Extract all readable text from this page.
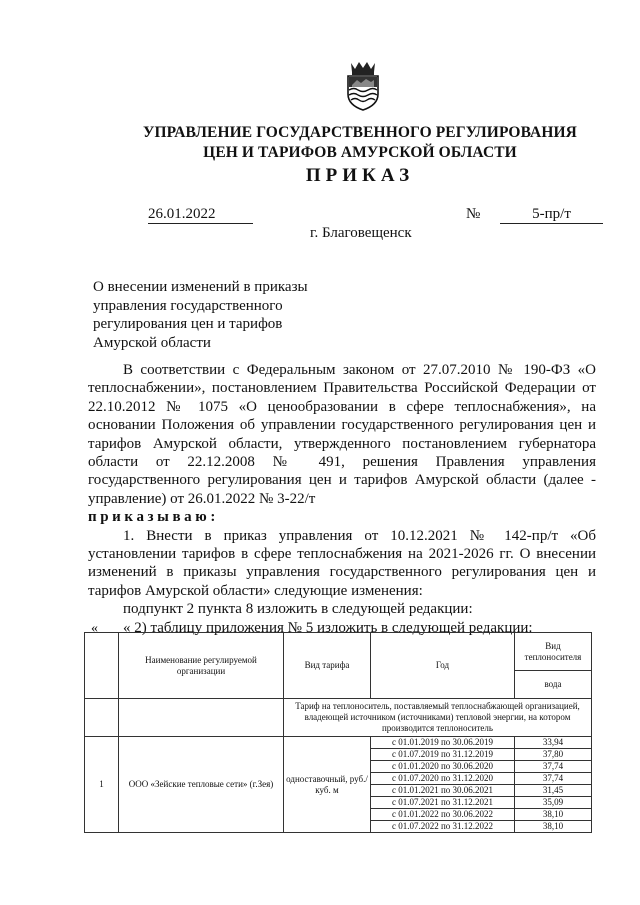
УПРАВЛЕНИЕ ГОСУДАРСТВЕННОГО РЕГУЛИРОВАНИЯ
ЦЕН И ТАРИФОВ АМУРСКОЙ ОБЛАСТИ
ПРИКАЗ
26.01.2022	№	5-пр/т
г. Благовещенск
О внесении изменений в приказы
управления государственного
регулирования цен и тарифов
Амурской области

В соответствии с Федеральным законом от 27.07.2010 № 190-ФЗ «О теплоснабжении», постановлением Правительства Российской Федерации от 22.10.2012 № 1075 «О ценообразовании в сфере теплоснабжения», на основании Положения об управлении государственного регулирования цен и тарифов Амурской области, утвержденного постановлением губернатора области от 22.12.2008 № 491, решения Правления управления государственного регулирования цен и тарифов Амурской области (далее - управление) от 26.01.2022 № 3-22/т

приказываю:

1. Внести в приказ управления от 10.12.2021 № 142-пр/т «Об установлении тарифов в сфере теплоснабжения на 2021-2026 гг. О внесении изменений в приказы управления государственного регулирования цен и тарифов Амурской области» следующие изменения:

подпункт 2 пункта 8 изложить в следующей редакции:

« 2) таблицу приложения № 5 изложить в следующей редакции:

«
	Наименование регулируемой организации	Вид тарифа	Год	Вид теплоносителя
				вода
		Тариф на теплоноситель, поставляемый теплоснабжающей организацией, владеющей источником (источниками) тепловой энергии, на котором производится теплоноситель		
1	ООО «Зейские тепловые сети» (г.Зея)	одноставочный, руб./куб. м	с 01.01.2019 по 30.06.2019	33,94
			с 01.07.2019 по 31.12.2019	37,80
			с 01.01.2020 по 30.06.2020	37,74
			с 01.07.2020 по 31.12.2020	37,74
			с 01.01.2021 по 30.06.2021	31,45
			с 01.07.2021 по 31.12.2021	35,09
			с 01.01.2022 по 30.06.2022	38,10
			с 01.07.2022 по 31.12.2022	38,10
